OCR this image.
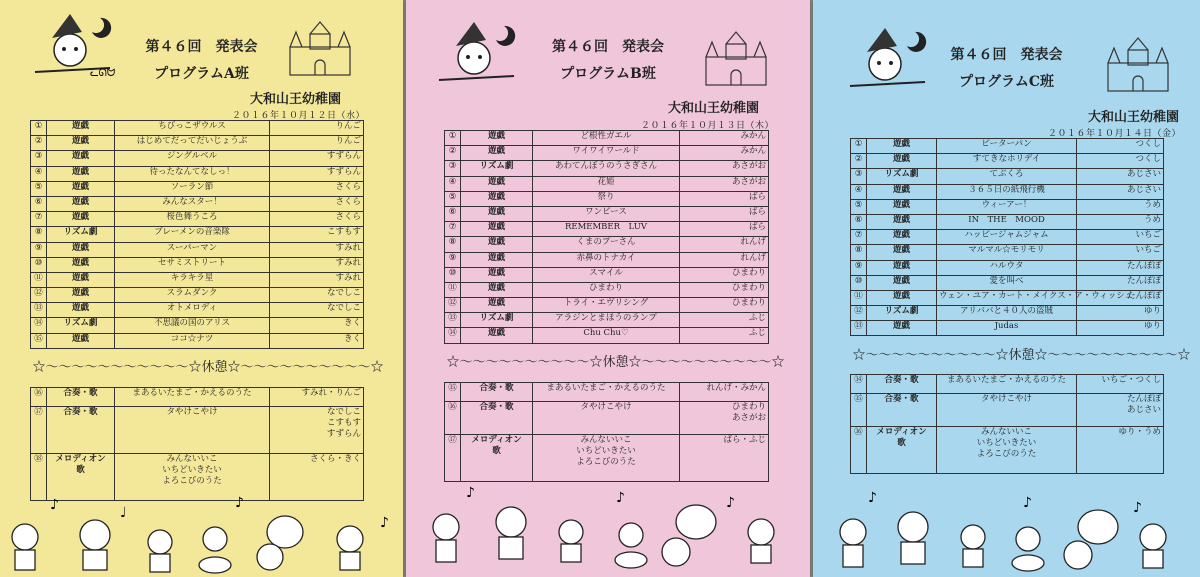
ᓚᘏᗢ
第４６回　発表会
プログラムA班
大和山王幼稚園
２０１６年１０月１２日（水）
①	遊戯	ちびっこザウルス	りんご
②	遊戯	はじめてだってだいじょうぶ	りんご
③	遊戯	ジングルベル	すずらん
④	遊戯	待ったなんてなしっ！	すずらん
⑤	遊戯	ソーラン節	さくら
⑥	遊戯	みんなスター！	さくら
⑦	遊戯	桜色舞うころ	さくら
⑧	リズム劇	ブレーメンの音楽隊	こすもす
⑨	遊戯	スーパーマン	すみれ
⑩	遊戯	セサミストリート	すみれ
⑪	遊戯	キラキラ星	すみれ
⑫	遊戯	スラムダンク	なでしこ
⑬	遊戯	オトメロディ	なでしこ
⑭	リズム劇	不思議の国のアリス	きく
⑮	遊戯	ココ☆ナツ	きく
☆～～～～～～～～～～～☆休憩☆～～～～～～～～～～☆			
⑯	合奏・歌	まあるいたまご・かえるのうた	すみれ・りんご

⑰	合奏・歌	タやけこやけ	なでしこ
こすもす
すずらん

⑱	メロディオン
歌	みんないいこ
いちどいきたい
よろこびのうた	さくら・きく
♪	♩
♪
♪
第４６回　発表会
プログラムB班
大和山王幼稚園
２０１６年１０月１３日（木）
①	遊戯	ど根性ガエル	みかん
②	遊戯	ワイワイワールド	みかん
③	リズム劇	あわてんぼうのうさぎさん	あさがお
④	遊戯	花姫	あさがお
⑤	遊戯	祭り	ばら
⑥	遊戯	ワンピース	ばら
⑦	遊戯	REMEMBER　LUV	ばら
⑧	遊戯	くまのプーさん	れんげ
⑨	遊戯	赤鼻のトナカイ	れんげ
⑩	遊戯	スマイル	ひまわり
⑪	遊戯	ひまわり	ひまわり
⑫	遊戯	トライ・エヴリシング	ひまわり
⑬	リズム劇	アラジンとまほうのランプ	ふじ
⑭	遊戯	Chu Chu♡	ふじ
☆～～～～～～～～～～☆休憩☆～～～～～～～～～～☆			
⑮	合奏・歌	まあるいたまご・かえるのうた	れんげ・みかん

⑯	合奏・歌	タやけこやけ	ひまわり
あさがお

⑰	メロディオン
歌	みんないいこ
いちどいきたい
よろこびのうた	ばら・ふじ
♪	♪	♪
第４６回　発表会
プログラムC班
大和山王幼稚園
２０１６年１０月１４日（金）
①	遊戯	ピーターパン	つくし
②	遊戯	すてきなホリデイ	つくし
③	リズム劇	てぶくろ	あじさい
④	遊戯	３６５日の紙飛行機	あじさい
⑤	遊戯	ウィーアー！	うめ
⑥	遊戯	IN　THE　MOOD	うめ
⑦	遊戯	ハッピージャムジャム	いちご
⑧	遊戯	マルマル☆モリモリ	いちご
⑨	遊戯	ハルウタ	たんぽぽ
⑩	遊戯	愛を叫べ	たんぽぽ
⑪	遊戯	ウェン・ユア・カート・メイクス・ア・ウィッシュ	たんぽぽ
⑫	リズム劇	アリババと４０人の盗賊	ゆり
⑬	遊戯	Judas	ゆり
☆～～～～～～～～～～☆休憩☆～～～～～～～～～～☆			
⑭	合奏・歌	まあるいたまご・かえるのうた	いちご・つくし

⑮	合奏・歌	タやけこやけ	たんぽぽ
あじさい

⑯	メロディオン
歌	みんないいこ
いちどいきたい
よろこびのうた	ゆり・うめ
♪	♪	♪
